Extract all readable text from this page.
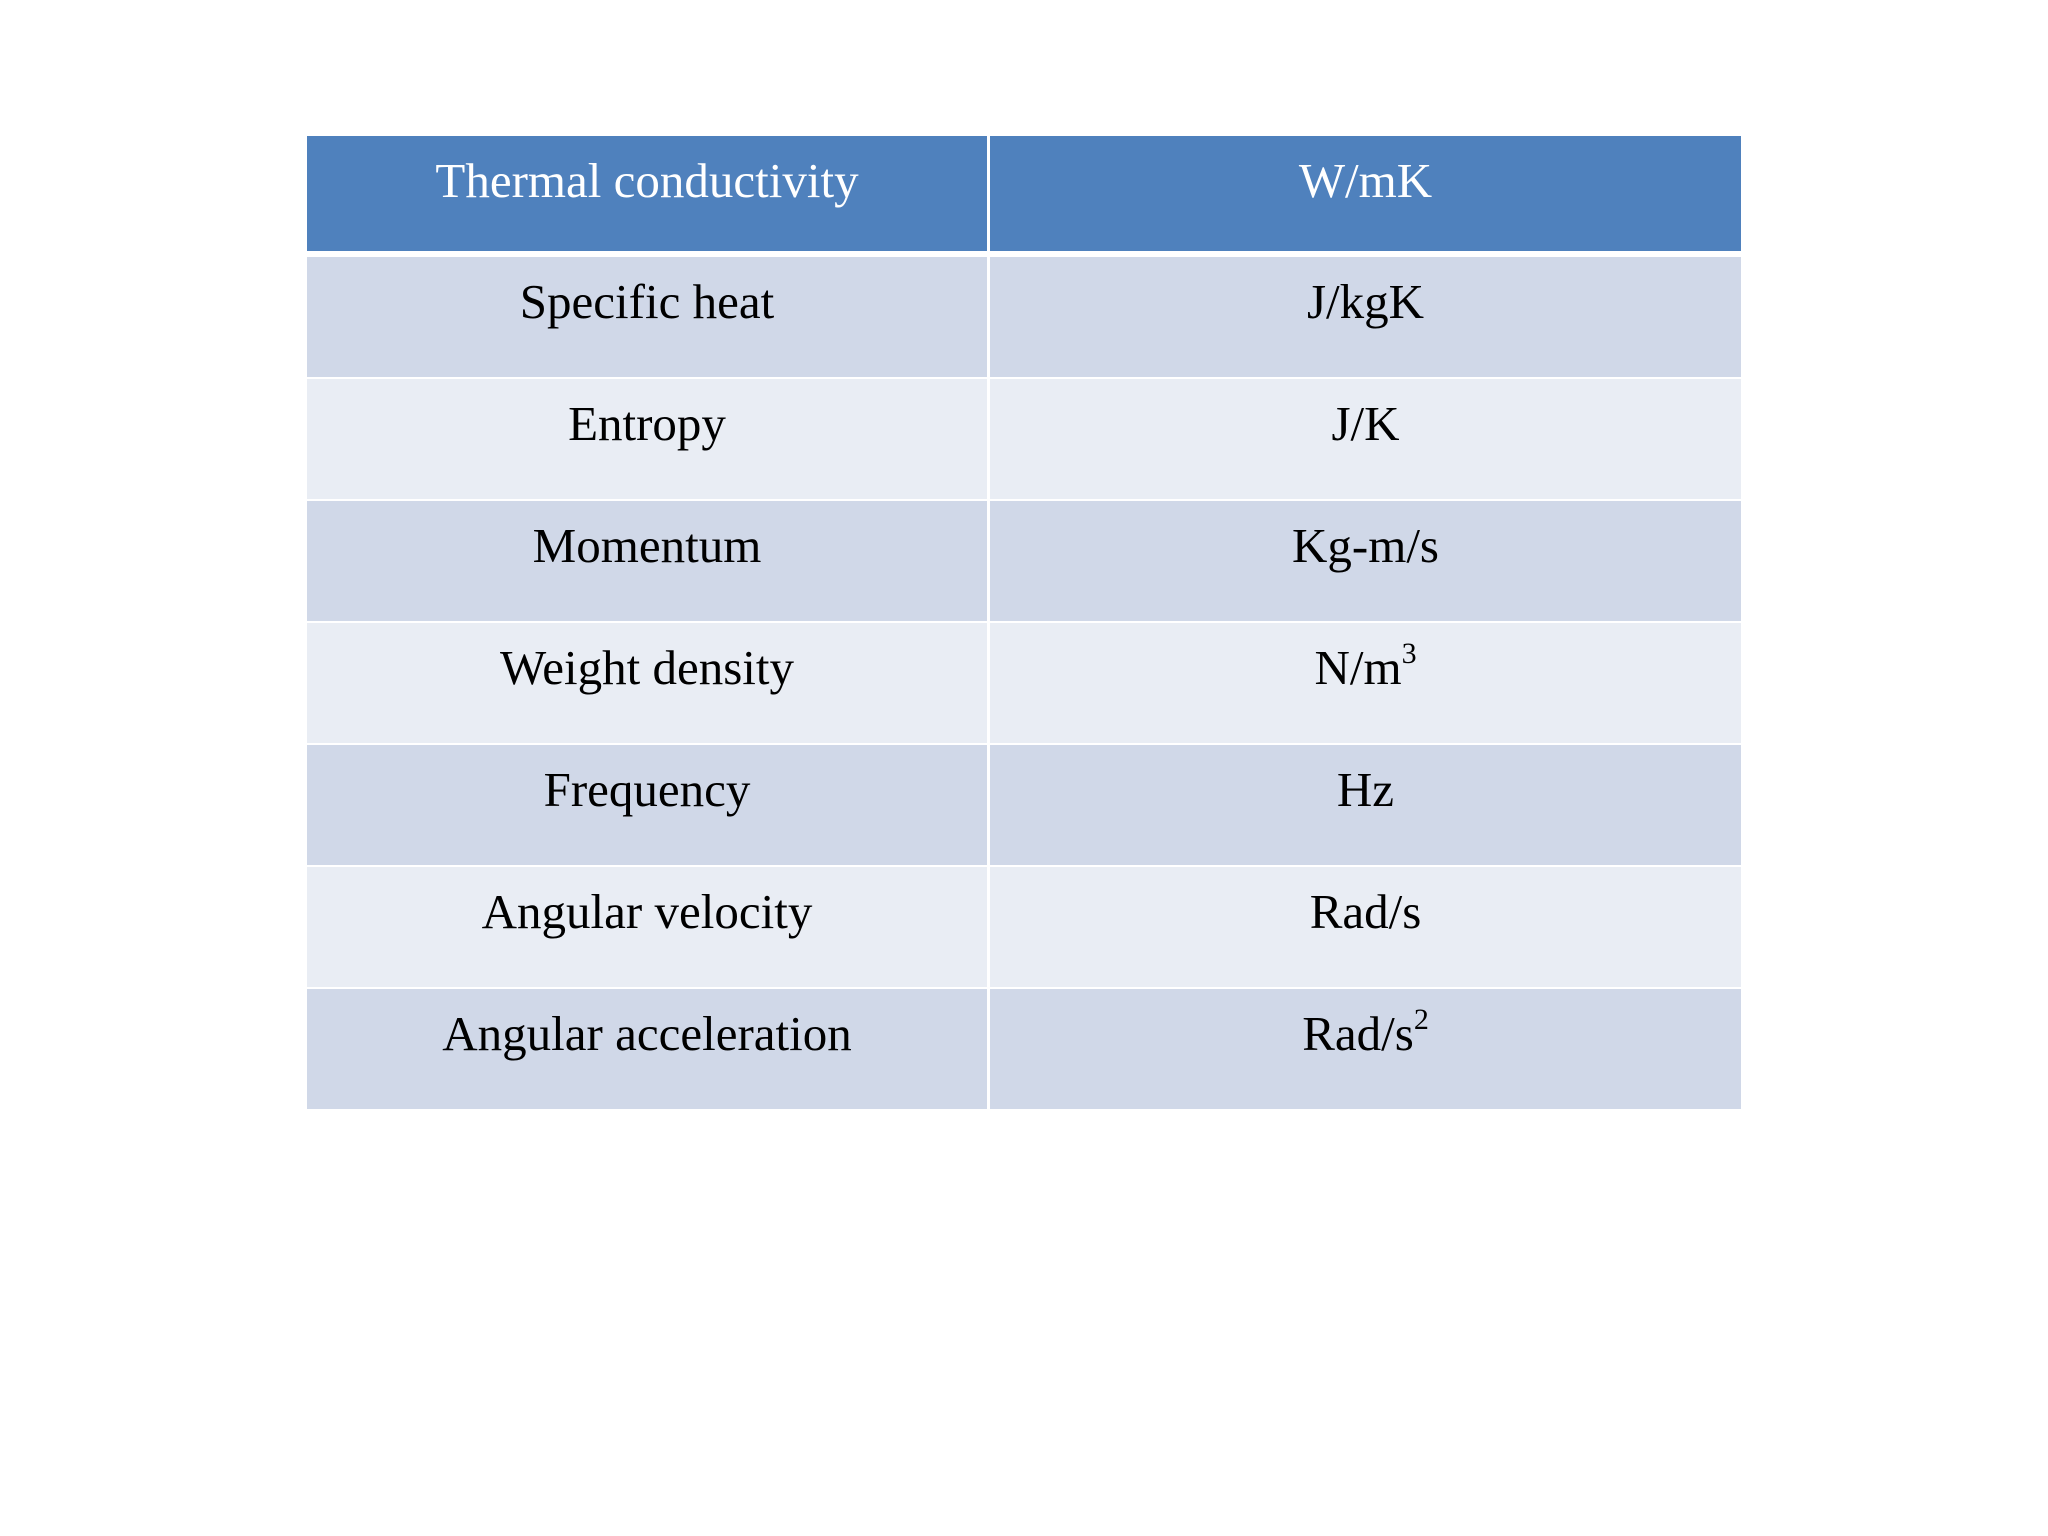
Thermal conductivity	W/mK
Specific heat	J/kgK
Entropy	J/K
Momentum	Kg-m/s
Weight density	$N/m^3$
Frequency	Hz
Angular velocity	Rad/s
Angular acceleration	Rad/$s^2$
